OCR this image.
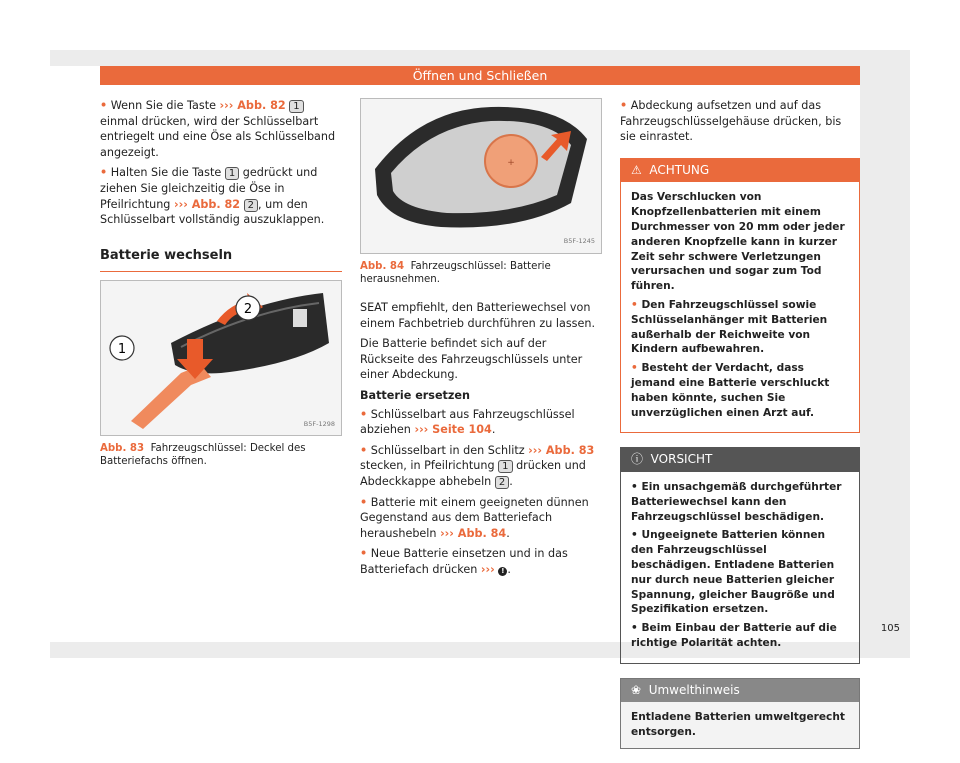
Öffnen und Schließen

• Wenn Sie die Taste ››› Abb. 82 1 einmal drücken, wird der Schlüsselbart entriegelt und eine Öse als Schlüsselband angezeigt.

• Halten Sie die Taste 1 gedrückt und ziehen Sie gleichzeitig die Öse in Pfeilrichtung ››› Abb. 82 2 , um den Schlüsselbart vollständig auszuklappen.

Batterie wechseln
2
1
B5F-1298
Abb. 83 Fahrzeugschlüssel: Deckel des Batteriefachs öffnen.
+
B5F-1245
Abb. 84 Fahrzeugschlüssel: Batterie herausnehmen.

SEAT empfiehlt, den Batteriewechsel von einem Fachbetrieb durchführen zu lassen.

Die Batterie befindet sich auf der Rückseite des Fahrzeugschlüssels unter einer Abdeckung.

Batterie ersetzen

• Schlüsselbart aus Fahrzeugschlüssel abziehen ››› Seite 104.

• Schlüsselbart in den Schlitz ››› Abb. 83 stecken, in Pfeilrichtung 1 drücken und Abdeckkappe abhebeln 2 .

• Batterie mit einem geeigneten dünnen Gegenstand aus dem Batteriefach heraushebeln ››› Abb. 84.

• Neue Batterie einsetzen und in das Batteriefach drücken ››› ! .

• Abdeckung aufsetzen und auf das Fahrzeugschlüsselgehäuse drücken, bis sie einrastet.

⚠ ACHTUNG

Das Verschlucken von Knopfzellenbatterien mit einem Durchmesser von 20 mm oder jeder anderen Knopfzelle kann in kurzer Zeit sehr schwere Verletzungen verursachen und sogar zum Tod führen.

• Den Fahrzeugschlüssel sowie Schlüsselanhänger mit Batterien außerhalb der Reichweite von Kindern aufbewahren.

• Besteht der Verdacht, dass jemand eine Batterie verschluckt haben könnte, suchen Sie unverzüglichen einen Arzt auf.

ⓘ VORSICHT

• Ein unsachgemäß durchgeführter Batteriewechsel kann den Fahrzeugschlüssel beschädigen.

• Ungeeignete Batterien können den Fahrzeugschlüssel beschädigen. Entladene Batterien nur durch neue Batterien gleicher Spannung, gleicher Baugröße und Spezifikation ersetzen.

• Beim Einbau der Batterie auf die richtige Polarität achten.

❀ Umwelthinweis
Entladene Batterien umweltgerecht entsorgen.
105
